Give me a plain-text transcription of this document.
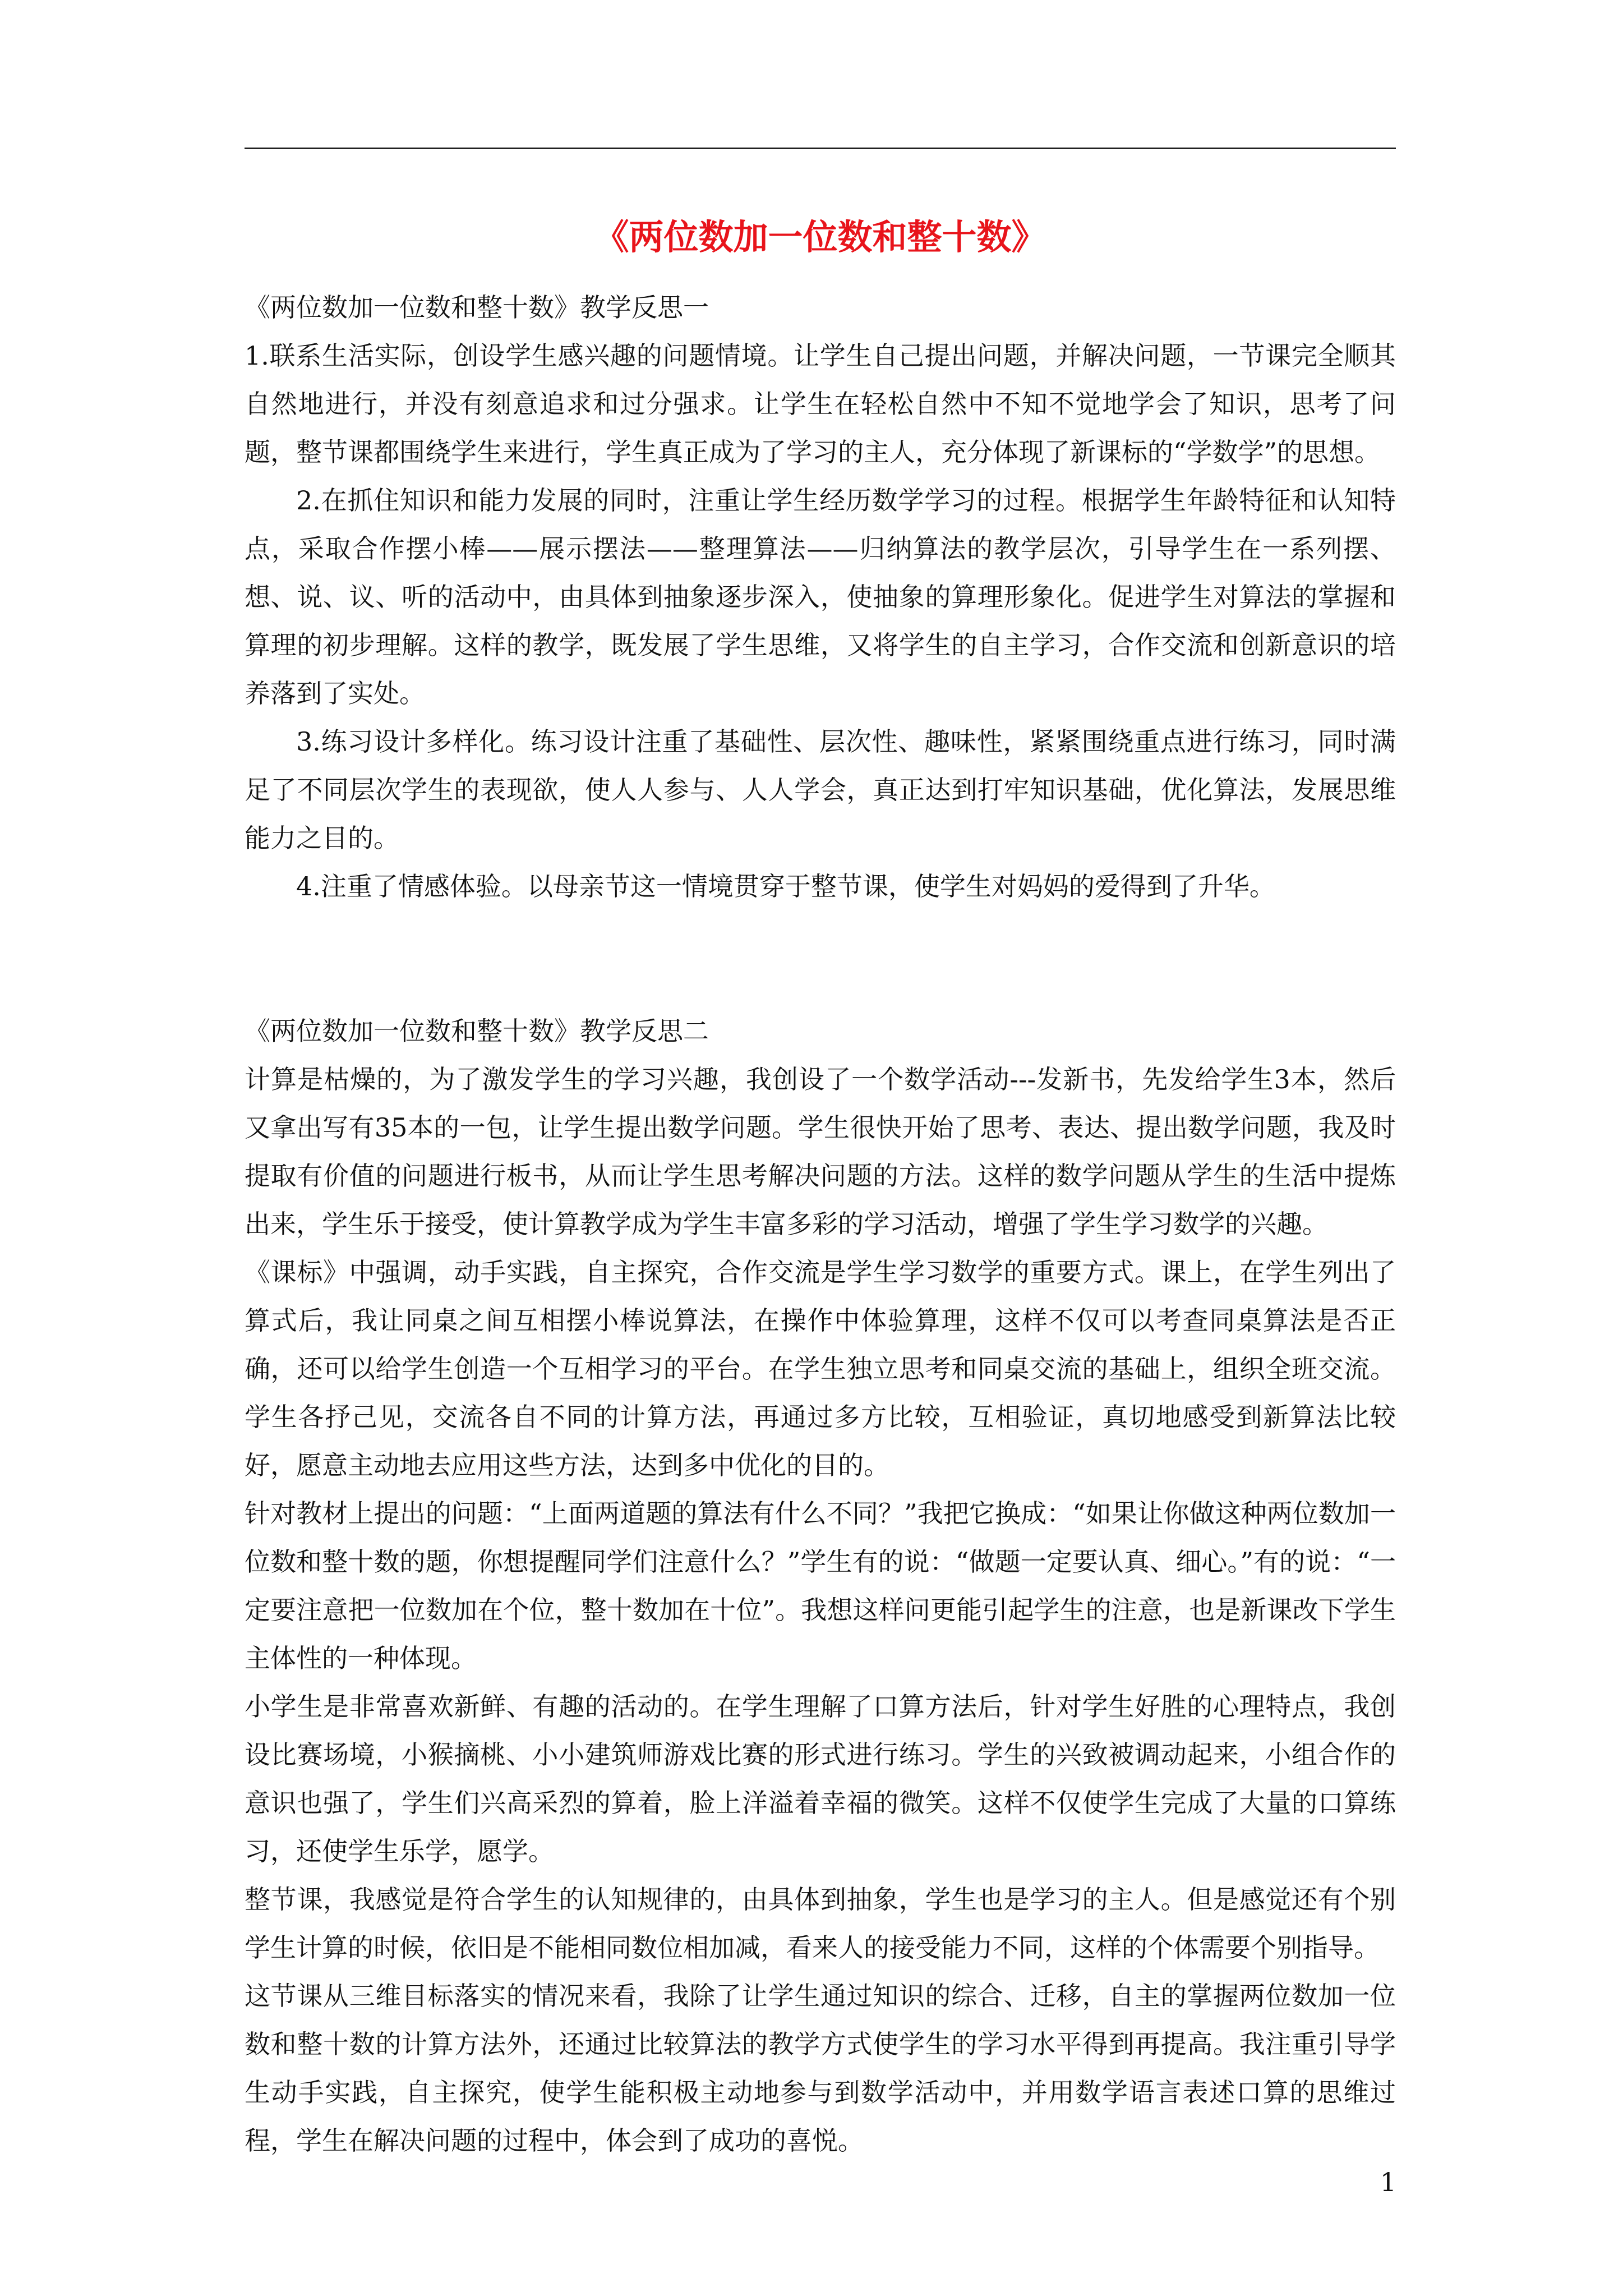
《两位数加一位数和整十数》

《两位数加一位数和整十数》教学反思一

1.联系生活实际，创设学生感兴趣的问题情境。让学生自己提出问题，并解决问题，一节课完全顺其自然地进行，并没有刻意追求和过分强求。让学生在轻松自然中不知不觉地学会了知识，思考了问题，整节课都围绕学生来进行，学生真正成为了学习的主人，充分体现了新课标的“学数学”的思想。

2.在抓住知识和能力发展的同时，注重让学生经历数学学习的过程。根据学生年龄特征和认知特点，采取合作摆小棒——展示摆法——整理算法——归纳算法的教学层次，引导学生在一系列摆、想、说、议、听的活动中，由具体到抽象逐步深入，使抽象的算理形象化。促进学生对算法的掌握和算理的初步理解。这样的教学，既发展了学生思维，又将学生的自主学习，合作交流和创新意识的培养落到了实处。

3.练习设计多样化。练习设计注重了基础性、层次性、趣味性，紧紧围绕重点进行练习，同时满足了不同层次学生的表现欲，使人人参与、人人学会，真正达到打牢知识基础，优化算法，发展思维能力之目的。

4.注重了情感体验。以母亲节这一情境贯穿于整节课，使学生对妈妈的爱得到了升华。

《两位数加一位数和整十数》教学反思二

计算是枯燥的，为了激发学生的学习兴趣，我创设了一个数学活动---发新书，先发给学生3本，然后又拿出写有35本的一包，让学生提出数学问题。学生很快开始了思考、表达、提出数学问题，我及时提取有价值的问题进行板书，从而让学生思考解决问题的方法。这样的数学问题从学生的生活中提炼出来，学生乐于接受，使计算教学成为学生丰富多彩的学习活动，增强了学生学习数学的兴趣。

《课标》中强调，动手实践，自主探究，合作交流是学生学习数学的重要方式。课上，在学生列出了算式后，我让同桌之间互相摆小棒说算法，在操作中体验算理，这样不仅可以考查同桌算法是否正确，还可以给学生创造一个互相学习的平台。在学生独立思考和同桌交流的基础上，组织全班交流。学生各抒己见，交流各自不同的计算方法，再通过多方比较，互相验证，真切地感受到新算法比较好，愿意主动地去应用这些方法，达到多中优化的目的。

针对教材上提出的问题：“上面两道题的算法有什么不同？”我把它换成：“如果让你做这种两位数加一位数和整十数的题，你想提醒同学们注意什么？”学生有的说：“做题一定要认真、细心。”有的说：“一定要注意把一位数加在个位，整十数加在十位”。我想这样问更能引起学生的注意，也是新课改下学生主体性的一种体现。

小学生是非常喜欢新鲜、有趣的活动的。在学生理解了口算方法后，针对学生好胜的心理特点，我创设比赛场境，小猴摘桃、小小建筑师游戏比赛的形式进行练习。学生的兴致被调动起来，小组合作的意识也强了，学生们兴高采烈的算着，脸上洋溢着幸福的微笑。这样不仅使学生完成了大量的口算练习，还使学生乐学，愿学。

整节课，我感觉是符合学生的认知规律的，由具体到抽象，学生也是学习的主人。但是感觉还有个别学生计算的时候，依旧是不能相同数位相加减，看来人的接受能力不同，这样的个体需要个别指导。

这节课从三维目标落实的情况来看，我除了让学生通过知识的综合、迁移，自主的掌握两位数加一位数和整十数的计算方法外，还通过比较算法的教学方式使学生的学习水平得到再提高。我注重引导学生动手实践，自主探究，使学生能积极主动地参与到数学活动中，并用数学语言表述口算的思维过程，学生在解决问题的过程中，体会到了成功的喜悦。

1
